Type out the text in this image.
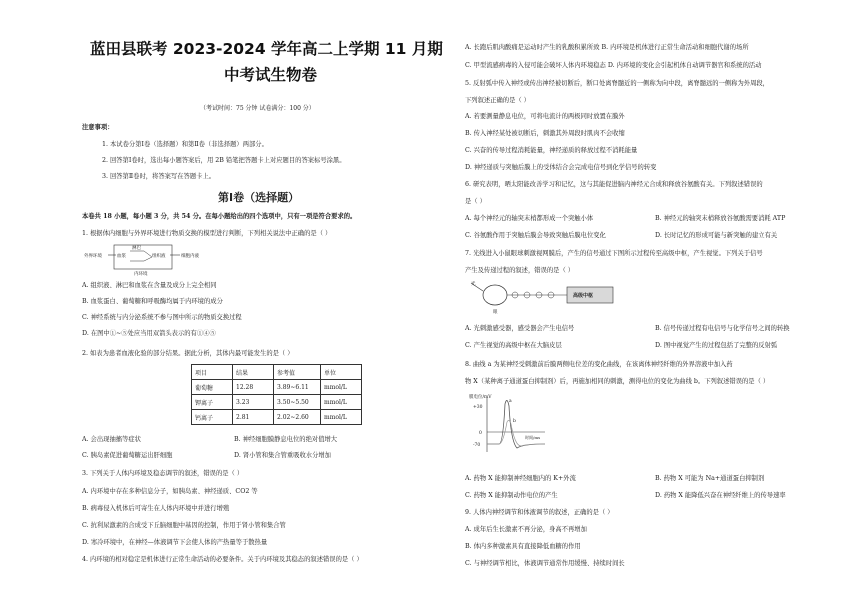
蓝田县联考 2023-2024 学年高二上学期 11 月期
中考试生物卷
（考试时间：75 分钟 试卷满分：100 分）
注意事项：
1. 本试卷分第Ⅰ卷（选择题）和第Ⅱ卷（非选择题）两部分。
2. 回答第Ⅰ卷时，选出每小题答案后，用 2B 铅笔把答题卡上对应题目的答案标号涂黑。
3. 回答第Ⅱ卷时，将答案写在答题卡上。
第Ⅰ卷（选择题）
本卷共 18 小题，每小题 3 分，共 54 分。在每小题给出的四个选项中，只有一项是符合要求的。
1. 根据体内细胞与外界环境进行物质交换的模型进行判断，下列相关说法中正确的是（ ）
外界环境
淋巴
血浆	组织液	细胞内液
内环境
A. 组织液、淋巴和血浆在含量及成分上完全相同
B. 血浆蛋白、葡萄糖和呼吸酶均属于内环境的成分
C. 神经系统与内分泌系统不参与图中所示的物质交换过程
D. 在图中①~⑤处应当用双箭头表示的有①④⑤
2. 如表为患者血液化验的部分结果。据此分析，其体内最可能发生的是（ ）
项目	结果	参考值	单位
葡萄糖	12.28	3.89~6.11	mmol/L
钾离子	3.23	3.50~5.50	mmol/L
钙离子	2.81	2.02~2.60	mmol/L
A. 会出现抽搐等症状	B. 神经细胞膜静息电位的绝对值增大
C. 胰岛素促进葡萄糖运出肝细胞	D. 肾小管和集合管重吸收水分增加
3. 下列关于人体内环境及稳态调节的叙述，错误的是（ ）
A. 内环境中存在多种信息分子，如胰岛素、神经递质、CO2 等
B. 病毒侵入机体后可寄生在人体内环境中并进行增殖
C. 抗利尿激素的合成受下丘脑细胞中基因的控制，作用于肾小管和集合管
D. 寒冷环境中，在神经—体液调节下会使人体的产热量等于散热量
4. 内环境的相对稳定是机体进行正常生命活动的必要条件。关于内环境及其稳态的叙述错误的是（ ）
A. 长跑后肌肉酸痛是运动时产生的乳酸积累所致 B. 内环境是机体进行正常生命活动和细胞代谢的场所
C. 甲型流感病毒的入侵可能会破坏人体内环境稳态 D. 内环境的变化会引起机体自动调节器官和系统的活动
5. 反射弧中传入神经或传出神经被切断后，断口处离脊髓近的一侧称为向中段，离脊髓远的一侧称为外周段，
下列叙述正确的是（ ）
A. 若要测量静息电位，可将电流计的两极同时放置在膜外
B. 传入神经某处被切断后，刺激其外周段时肌肉不会收缩
C. 兴奋的传导过程消耗能量，神经递质的释放过程不消耗能量
D. 神经递质与突触后膜上的受体结合会完成电信号到化学信号的转变
6. 研究表明，晒太阳能改善学习和记忆，这与其能促进脑内神经元合成和释放谷氨酸有关。下列叙述错误的
是（ ）
A. 每个神经元的轴突末梢都形成一个突触小体	B. 神经元的轴突末梢释放谷氨酸需要消耗 ATP
C. 谷氨酸作用于突触后膜会导致突触后膜电位变化	D. 长时记忆的形成可能与新突触的建立有关
7. 光线进入小鼠眼球刺激视网膜后，产生的信号通过下图所示过程传至高级中枢，产生视觉。下列关于信号
产生及传递过程的叙述，错误的是（ ）
光
眼
高级中枢
A. 光刺激感受器，感受器会产生电信号	B. 信号传递过程有电信号与化学信号之间的转换
C. 产生视觉的高级中枢在大脑皮层	D. 图中视觉产生的过程包括了完整的反射弧
8. 曲线 a 为某神经受刺激前后膜两侧电位差的变化曲线，在该离体神经纤维的外界溶液中加入药
物 X（某种离子通道蛋白抑制剂）后，再施加相同的刺激，测得电位的变化为曲线 b。下列叙述错误的是（ ）
膜电位/mV
+30
0
-70
a
b
时间/ms
A. 药物 X 能抑制神经细胞内的 K+外流	B. 药物 X 可能为 Na+通道蛋白抑制剂
C. 药物 X 能抑制动作电位的产生	D. 药物 X 能降低兴奋在神经纤维上的传导速率
9. 人体内神经调节和体液调节的叙述，正确的是（ ）
A. 成年后生长激素不再分泌，身高不再增加
B. 体内多种激素具有直接降低血糖的作用
C. 与神经调节相比，体液调节通常作用缓慢、持续时间长
